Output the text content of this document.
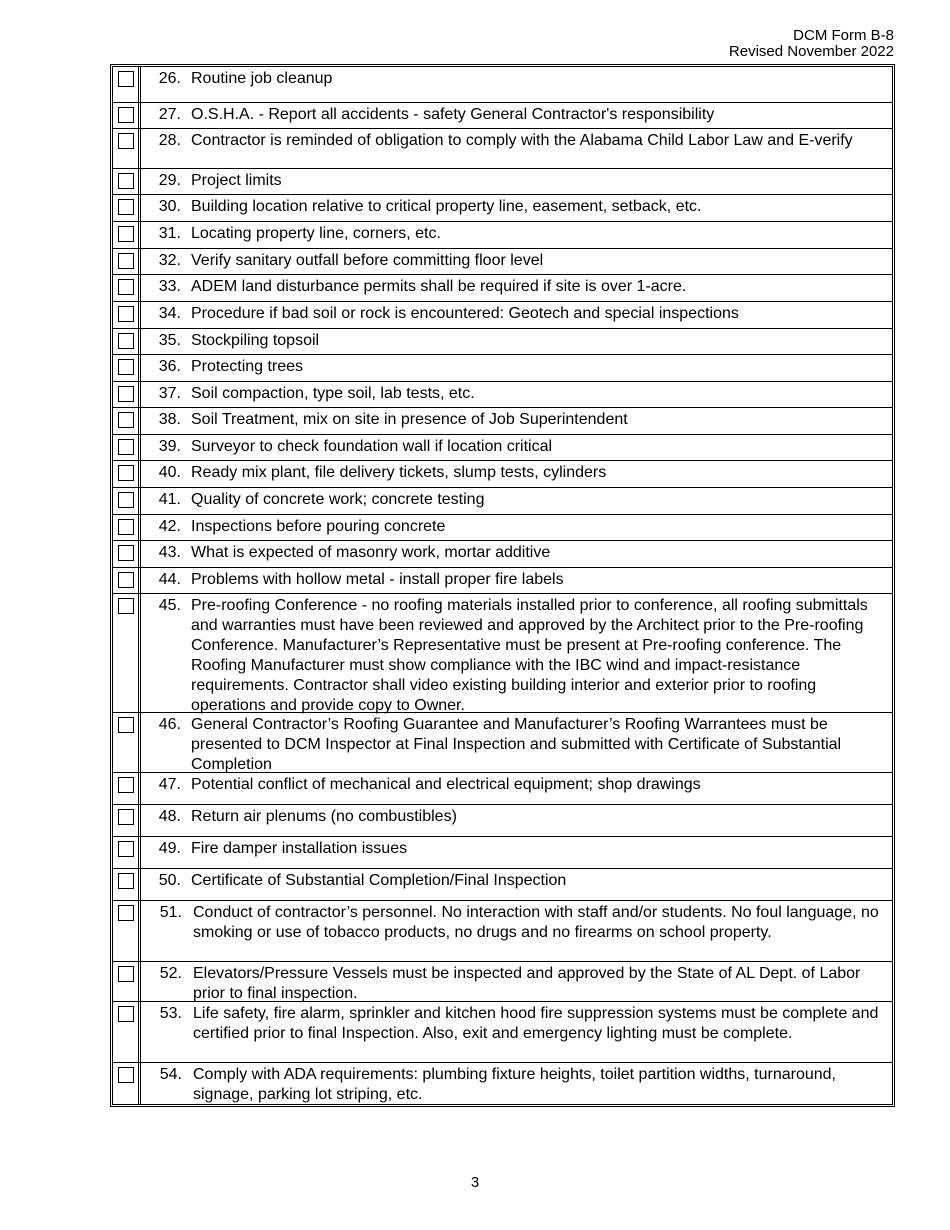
DCM Form B-8
Revised November 2022
26. Routine job cleanup
27. O.S.H.A. - Report all accidents - safety General Contractor's responsibility
28. Contractor is reminded of obligation to comply with the Alabama Child Labor Law and E-verify
29. Project limits
30. Building location relative to critical property line, easement, setback, etc.
31. Locating property line, corners, etc.
32. Verify sanitary outfall before committing floor level
33. ADEM land disturbance permits shall be required if site is over 1-acre.
34. Procedure if bad soil or rock is encountered: Geotech and special inspections
35. Stockpiling topsoil
36. Protecting trees
37. Soil compaction, type soil, lab tests, etc.
38. Soil Treatment, mix on site in presence of Job Superintendent
39. Surveyor to check foundation wall if location critical
40. Ready mix plant, file delivery tickets, slump tests, cylinders
41. Quality of concrete work; concrete testing
42. Inspections before pouring concrete
43. What is expected of masonry work, mortar additive
44. Problems with hollow metal - install proper fire labels
45. Pre-roofing Conference - no roofing materials installed prior to conference, all roofing submittals and warranties must have been reviewed and approved by the Architect prior to the Pre-roofing Conference. Manufacturer’s Representative must be present at Pre-roofing conference. The Roofing Manufacturer must show compliance with the IBC wind and impact-resistance requirements. Contractor shall video existing building interior and exterior prior to roofing operations and provide copy to Owner.
46. General Contractor’s Roofing Guarantee and Manufacturer’s Roofing Warrantees must be presented to DCM Inspector at Final Inspection and submitted with Certificate of Substantial Completion
47. Potential conflict of mechanical and electrical equipment; shop drawings
48. Return air plenums (no combustibles)
49. Fire damper installation issues
50. Certificate of Substantial Completion/Final Inspection
51. Conduct of contractor’s personnel. No interaction with staff and/or students. No foul language, no smoking or use of tobacco products, no drugs and no firearms on school property.
52. Elevators/Pressure Vessels must be inspected and approved by the State of AL Dept. of Labor prior to final inspection.
53. Life safety, fire alarm, sprinkler and kitchen hood fire suppression systems must be complete and certified prior to final Inspection. Also, exit and emergency lighting must be complete.
54. Comply with ADA requirements: plumbing fixture heights, toilet partition widths, turnaround, signage, parking lot striping, etc.
3
